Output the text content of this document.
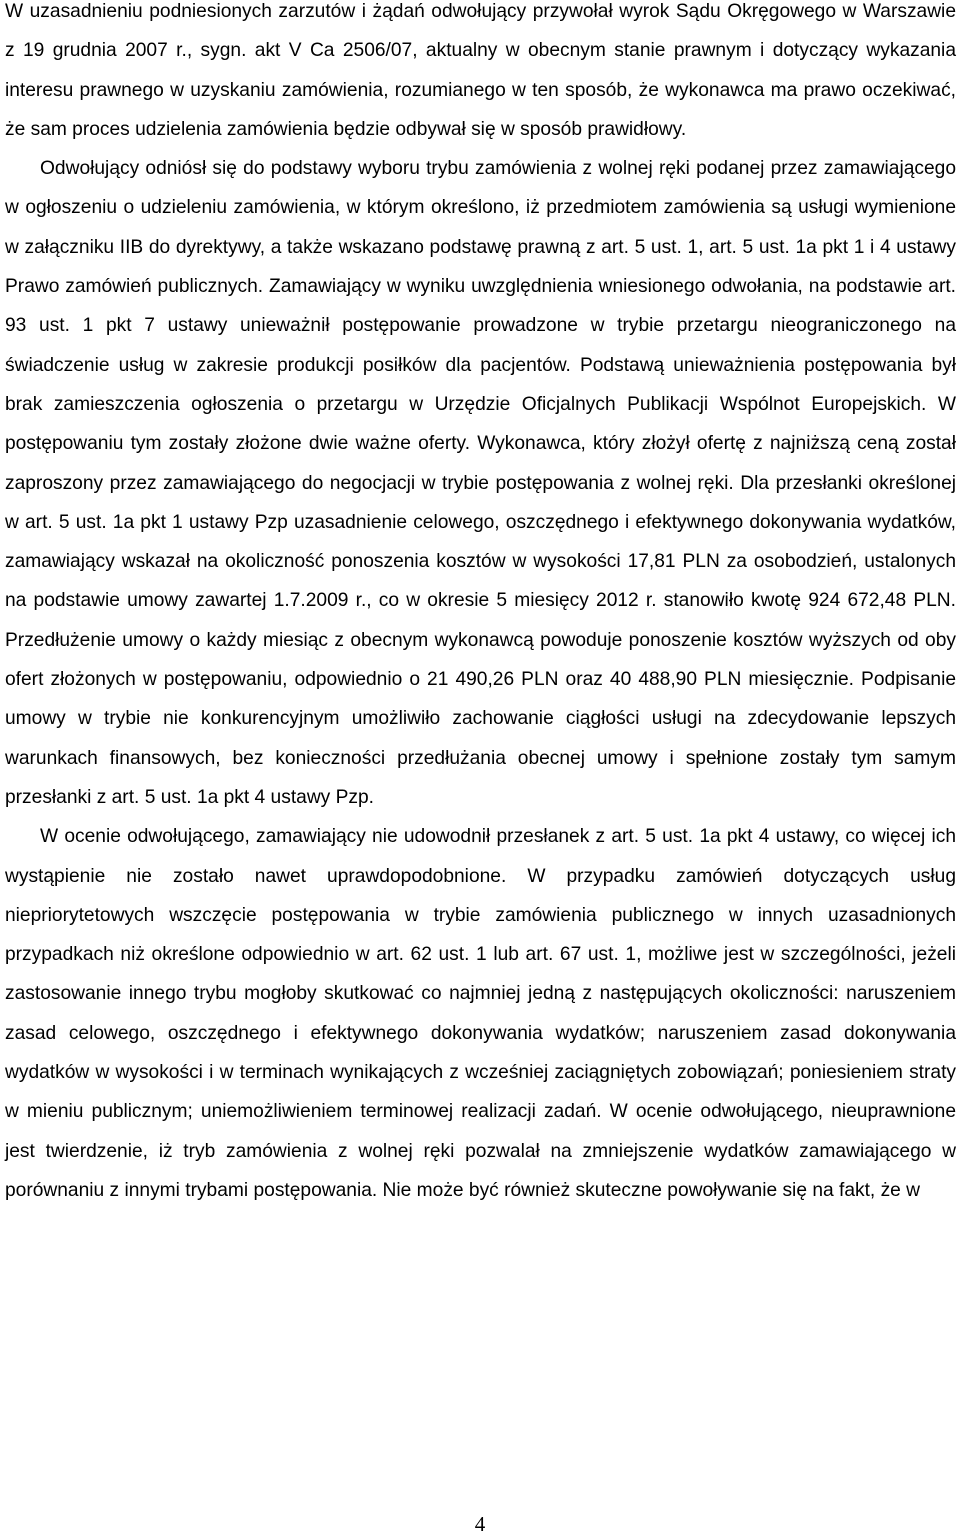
W uzasadnieniu podniesionych zarzutów i żądań odwołujący przywołał wyrok Sądu Okręgowego w Warszawie z 19 grudnia 2007 r., sygn. akt V Ca 2506/07, aktualny w obecnym stanie prawnym i dotyczący wykazania interesu prawnego w uzyskaniu zamówienia, rozumianego w ten sposób, że wykonawca ma prawo oczekiwać, że sam proces udzielenia zamówienia będzie odbywał się w sposób prawidłowy.

Odwołujący odniósł się do podstawy wyboru trybu zamówienia z wolnej ręki podanej przez zamawiającego w ogłoszeniu o udzieleniu zamówienia, w którym określono, iż przedmiotem zamówienia są usługi wymienione w załączniku IIB do dyrektywy, a także wskazano podstawę prawną z art. 5 ust. 1, art. 5 ust. 1a pkt 1 i 4 ustawy Prawo zamówień publicznych. Zamawiający w wyniku uwzględnienia wniesionego odwołania, na podstawie art. 93 ust. 1 pkt 7 ustawy unieważnił postępowanie prowadzone w trybie przetargu nieograniczonego na świadczenie usług w zakresie produkcji posiłków dla pacjentów. Podstawą unieważnienia postępowania był brak zamieszczenia ogłoszenia o przetargu w Urzędzie Oficjalnych Publikacji Wspólnot Europejskich. W postępowaniu tym zostały złożone dwie ważne oferty. Wykonawca, który złożył ofertę z najniższą ceną został zaproszony przez zamawiającego do negocjacji w trybie postępowania z wolnej ręki. Dla przesłanki określonej w art. 5 ust. 1a pkt 1 ustawy Pzp uzasadnienie celowego, oszczędnego i efektywnego dokonywania wydatków, zamawiający wskazał na okoliczność ponoszenia kosztów w wysokości 17,81 PLN za osobodzień, ustalonych na podstawie umowy zawartej 1.7.2009 r., co w okresie 5 miesięcy 2012 r. stanowiło kwotę 924 672,48 PLN. Przedłużenie umowy o każdy miesiąc z obecnym wykonawcą powoduje ponoszenie kosztów wyższych od oby ofert złożonych w postępowaniu, odpowiednio o 21 490,26 PLN oraz 40 488,90 PLN miesięcznie. Podpisanie umowy w trybie nie konkurencyjnym umożliwiło zachowanie ciągłości usługi na zdecydowanie lepszych warunkach finansowych, bez konieczności przedłużania obecnej umowy i spełnione zostały tym samym przesłanki z art. 5 ust. 1a pkt 4 ustawy Pzp.

W ocenie odwołującego, zamawiający nie udowodnił przesłanek z art. 5 ust. 1a pkt 4 ustawy, co więcej ich wystąpienie nie zostało nawet uprawdopodobnione. W przypadku zamówień dotyczących usług niepriorytetowych wszczęcie postępowania w trybie zamówienia publicznego w innych uzasadnionych przypadkach niż określone odpowiednio w art. 62 ust. 1 lub art. 67 ust. 1, możliwe jest w szczególności, jeżeli zastosowanie innego trybu mogłoby skutkować co najmniej jedną z następujących okoliczności: naruszeniem zasad celowego, oszczędnego i efektywnego dokonywania wydatków; naruszeniem zasad dokonywania wydatków w wysokości i w terminach wynikających z wcześniej zaciągniętych zobowiązań; poniesieniem straty w mieniu publicznym; uniemożliwieniem terminowej realizacji zadań. W ocenie odwołującego, nieuprawnione jest twierdzenie, iż tryb zamówienia z wolnej ręki pozwalał na zmniejszenie wydatków zamawiającego w porównaniu z innymi trybami postępowania. Nie może być również skuteczne powoływanie się na fakt, że w

4
